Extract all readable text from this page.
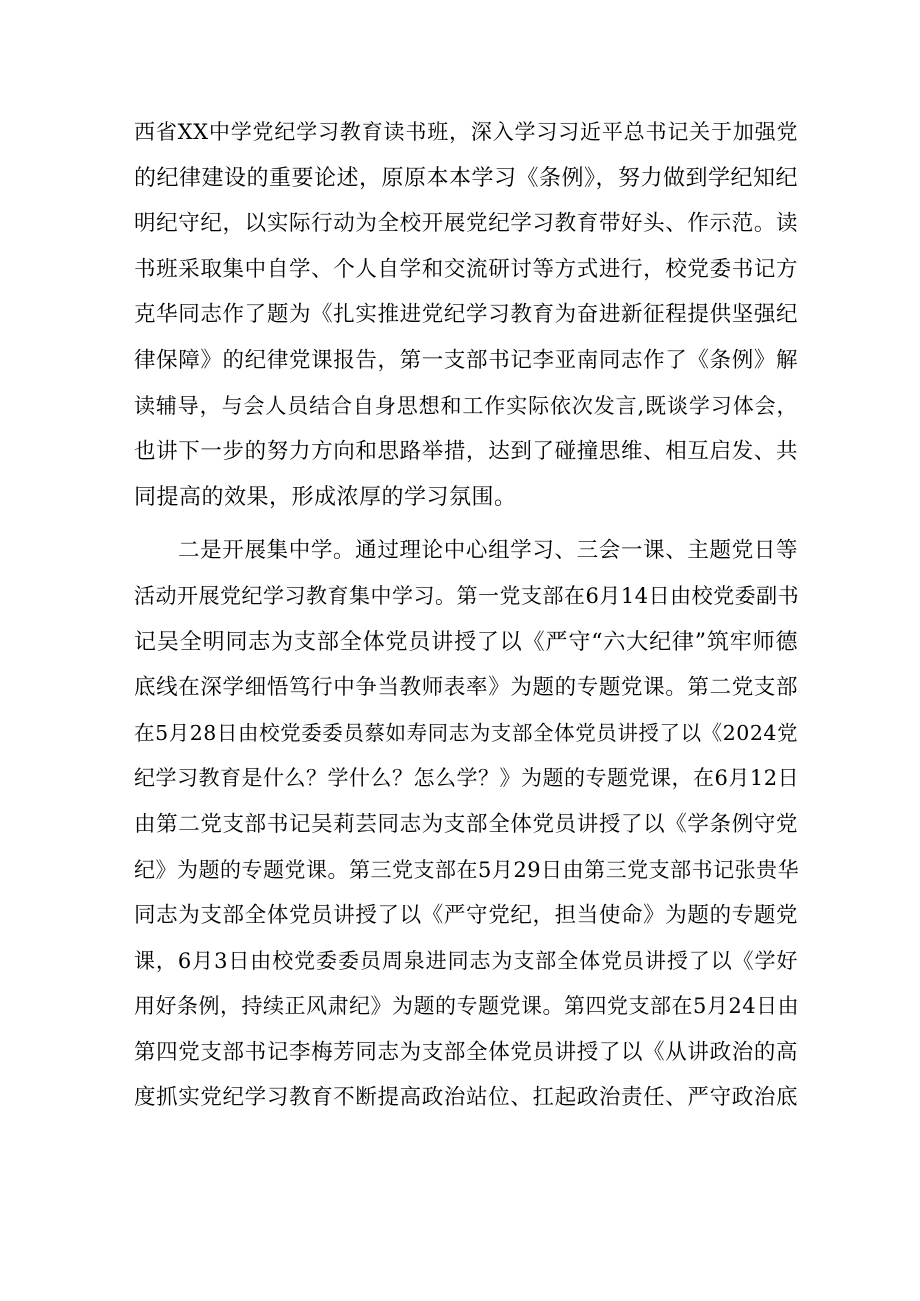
西省XX中学党纪学习教育读书班，深入学习习近平总书记关于加强党
的纪律建设的重要论述，原原本本学习《条例》，努力做到学纪知纪
明纪守纪，以实际行动为全校开展党纪学习教育带好头、作示范。读
书班采取集中自学、个人自学和交流研讨等方式进行，校党委书记方
克华同志作了题为《扎实推进党纪学习教育为奋进新征程提供坚强纪
律保障》的纪律党课报告，第一支部书记李亚南同志作了《条例》解
读辅导，与会人员结合自身思想和工作实际依次发言,既谈学习体会，
也讲下一步的努力方向和思路举措，达到了碰撞思维、相互启发、共
同提高的效果，形成浓厚的学习氛围。
二是开展集中学。通过理论中心组学习、三会一课、主题党日等
活动开展党纪学习教育集中学习。第一党支部在6月14日由校党委副书
记吴全明同志为支部全体党员讲授了以《严守“六大纪律”筑牢师德
底线在深学细悟笃行中争当教师表率》为题的专题党课。第二党支部
在5月28日由校党委委员蔡如寿同志为支部全体党员讲授了以《2024党
纪学习教育是什么？学什么？怎么学？》为题的专题党课，在6月12日
由第二党支部书记吴莉芸同志为支部全体党员讲授了以《学条例守党
纪》为题的专题党课。第三党支部在5月29日由第三党支部书记张贵华
同志为支部全体党员讲授了以《严守党纪，担当使命》为题的专题党
课，6月3日由校党委委员周泉进同志为支部全体党员讲授了以《学好
用好条例，持续正风肃纪》为题的专题党课。第四党支部在5月24日由
第四党支部书记李梅芳同志为支部全体党员讲授了以《从讲政治的高
度抓实党纪学习教育不断提高政治站位、扛起政治责任、严守政治底
